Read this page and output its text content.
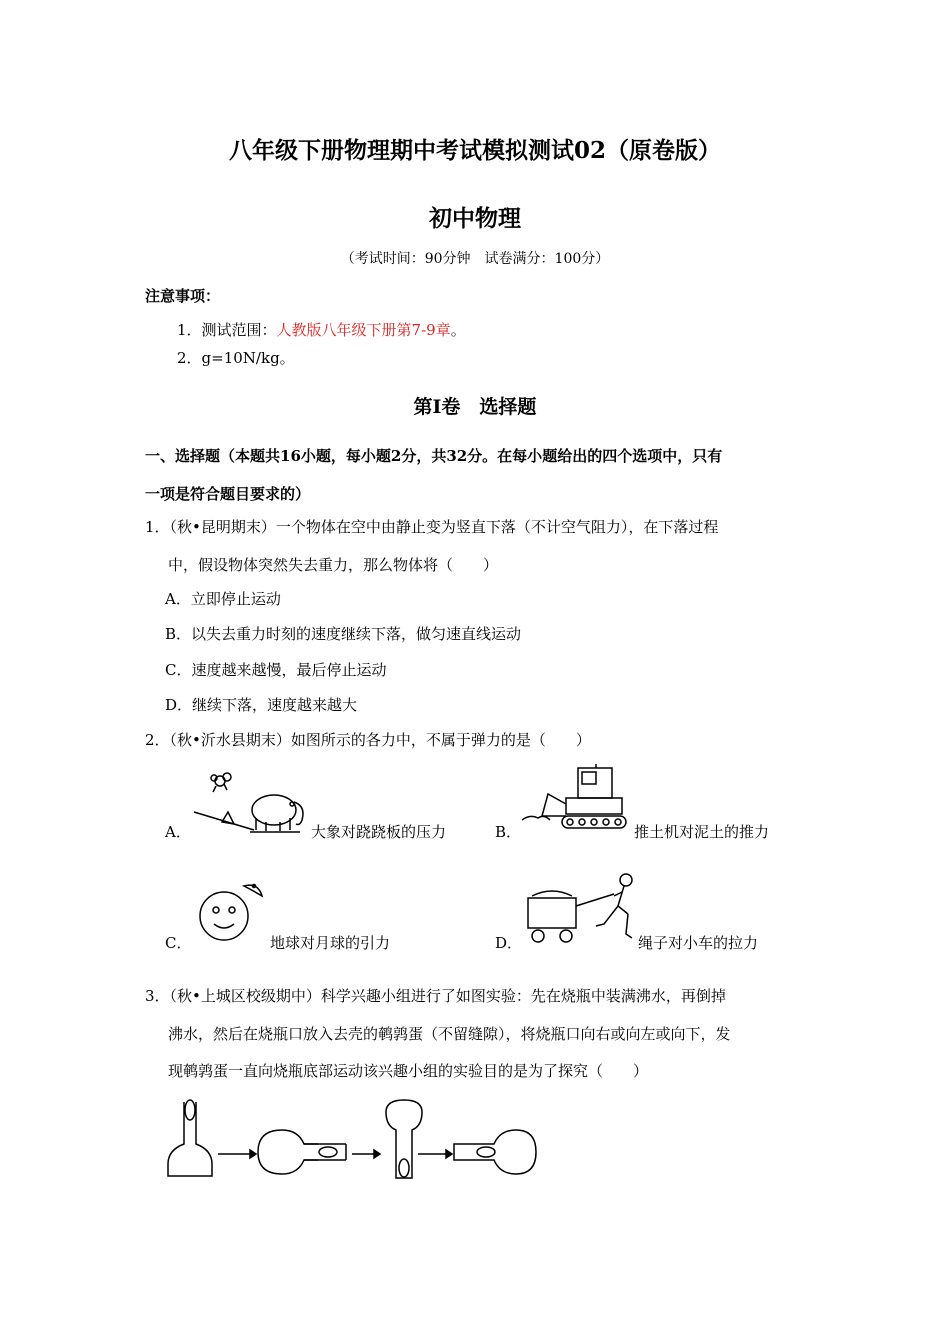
八年级下册物理期中考试模拟测试02（原卷版）
初中物理
（考试时间：90分钟　试卷满分：100分）
注意事项：
1．测试范围：人教版八年级下册第7-9章。
2．g=10N/kg。
第Ⅰ卷　选择题
一、选择题（本题共16小题，每小题2分，共32分。在每小题给出的四个选项中，只有
一项是符合题目要求的）
1．（秋•昆明期末）一个物体在空中由静止变为竖直下落（不计空气阻力），在下落过程
中，假设物体突然失去重力，那么物体将（　　）
A．立即停止运动
B．以失去重力时刻的速度继续下落，做匀速直线运动
C．速度越来越慢，最后停止运动
D．继续下落，速度越来越大
2．（秋•沂水县期末）如图所示的各力中，不属于弹力的是（　　）
A．	大象对跷跷板的压力	B．	推土机对泥土的推力
C．	地球对月球的引力	D．	绳子对小车的拉力
3．（秋•上城区校级期中）科学兴趣小组进行了如图实验：先在烧瓶中装满沸水，再倒掉
沸水，然后在烧瓶口放入去壳的鹌鹑蛋（不留缝隙），将烧瓶口向右或向左或向下，发
现鹌鹑蛋一直向烧瓶底部运动该兴趣小组的实验目的是为了探究（　　）
